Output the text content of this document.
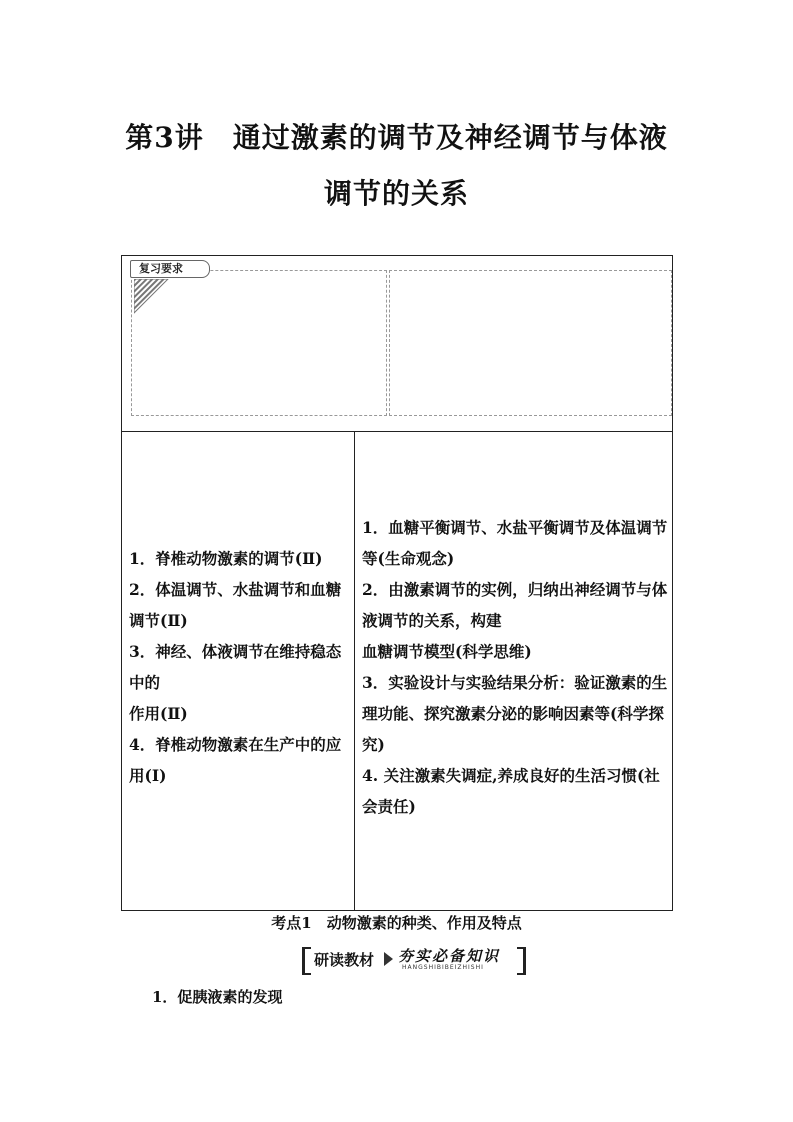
第3讲　通过激素的调节及神经调节与体液
调节的关系
复习要求
1．脊椎动物激素的调节(Ⅱ)
2．体温调节、水盐调节和血糖调节(Ⅱ)
3．神经、体液调节在维持稳态中的
作用(Ⅱ)
4．脊椎动物激素在生产中的应用(Ⅰ)
1．血糖平衡调节、水盐平衡调节及体温调节等(生命观念)
2．由激素调节的实例，归纳出神经调节与体液调节的关系，构建
血糖调节模型(科学思维)
3．实验设计与实验结果分析：验证激素的生理功能、探究激素分泌的影响因素等(科学探究)
4. 关注激素失调症,养成良好的生活习惯(社会责任)
考点1　动物激素的种类、作用及特点
研读教材 夯实必备知识
HANGSHIBIBEIZHISHI
1．促胰液素的发现
